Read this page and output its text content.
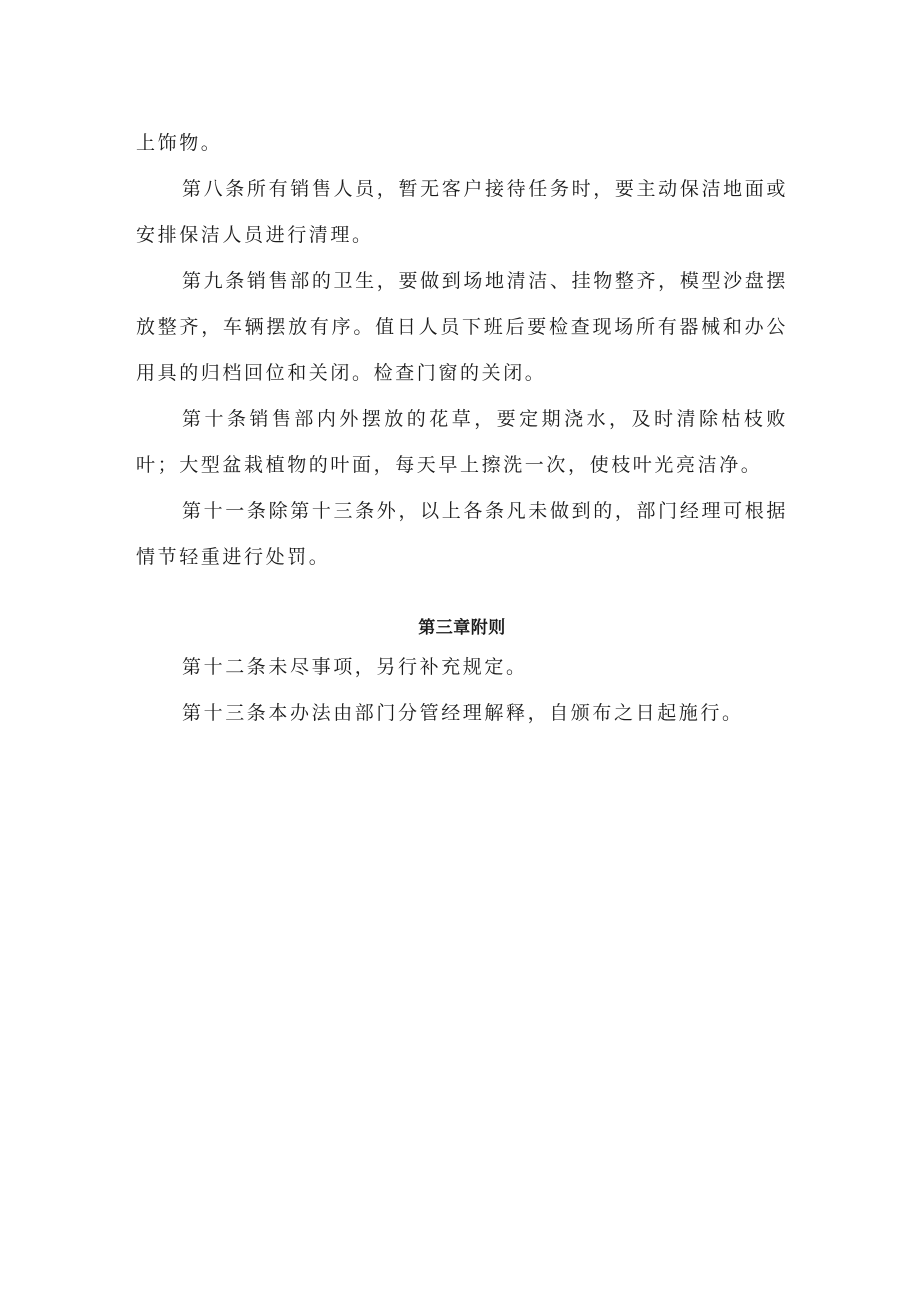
上饰物。

第八条所有销售人员，暂无客户接待任务时，要主动保洁地面或安排保洁人员进行清理。

第九条销售部的卫生，要做到场地清洁、挂物整齐，模型沙盘摆放整齐，车辆摆放有序。值日人员下班后要检查现场所有器械和办公用具的归档回位和关闭。检查门窗的关闭。

第十条销售部内外摆放的花草，要定期浇水，及时清除枯枝败叶；大型盆栽植物的叶面，每天早上擦洗一次，使枝叶光亮洁净。

第十一条除第十三条外，以上各条凡未做到的，部门经理可根据情节轻重进行处罚。

第三章附则

第十二条未尽事项，另行补充规定。

第十三条本办法由部门分管经理解释，自颁布之日起施行。
